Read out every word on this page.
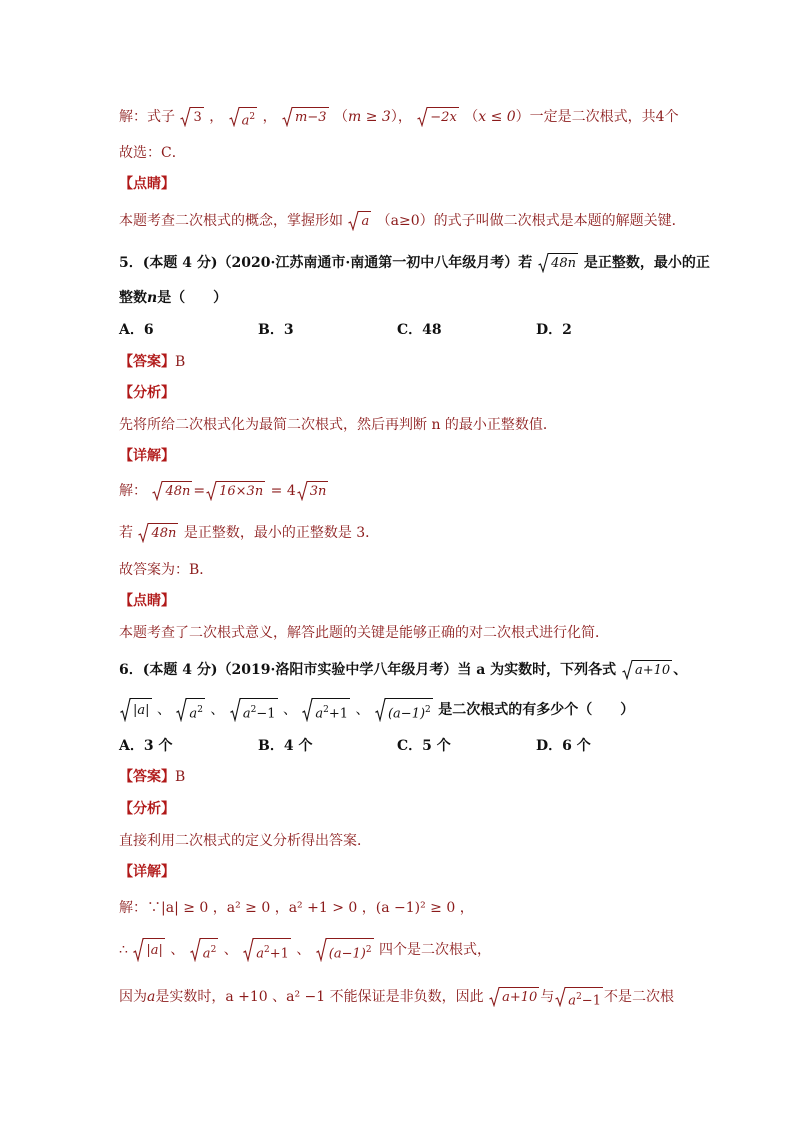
解：式子 3 ， $a^2$ ， m−3 （m ≥ 3）， −2x （x ≤ 0）一定是二次根式，共4个
故选：C．
【点睛】
本题考查二次根式的概念，掌握形如 a （a≥0）的式子叫做二次根式是本题的解题关键．
5．(本题 4 分)（2020·江苏南通市·南通第一初中八年级月考）若 48n 是正整数，最小的正
整数n是（　　）
A．6	B．3	C．48	D．2
【答案】B
【分析】
先将所给二次根式化为最简二次根式，然后再判断 n 的最小正整数值．
【详解】
解： 48n = 16×3n = 4 3n
若 48n 是正整数，最小的正整数是 3．
故答案为：B．
【点睛】
本题考查了二次根式意义，解答此题的关键是能够正确的对二次根式进行化简．
6．(本题 4 分)（2019·洛阳市实验中学八年级月考）当 a 为实数时，下列各式 a+10 、
|a| 、 $a^2$ 、 $a^2-1$ 、 $a^2+1$ 、 $(a-1)^2$ 是二次根式的有多少个（　　）
A．3 个	B．4 个	C．5 个	D．6 个
【答案】B
【分析】
直接利用二次根式的定义分析得出答案．
【详解】
解：∵|a| ≥ 0 ，a² ≥ 0 ，a² +1 > 0 ，(a −1)² ≥ 0 ，
∴ |a| 、 $a^2$ 、 $a^2+1$ 、 $(a-1)^2$ 四个是二次根式，
因为a是实数时，a +10 、a² −1 不能保证是非负数，因此 a+10 与 $a^2-1$ 不是二次根
